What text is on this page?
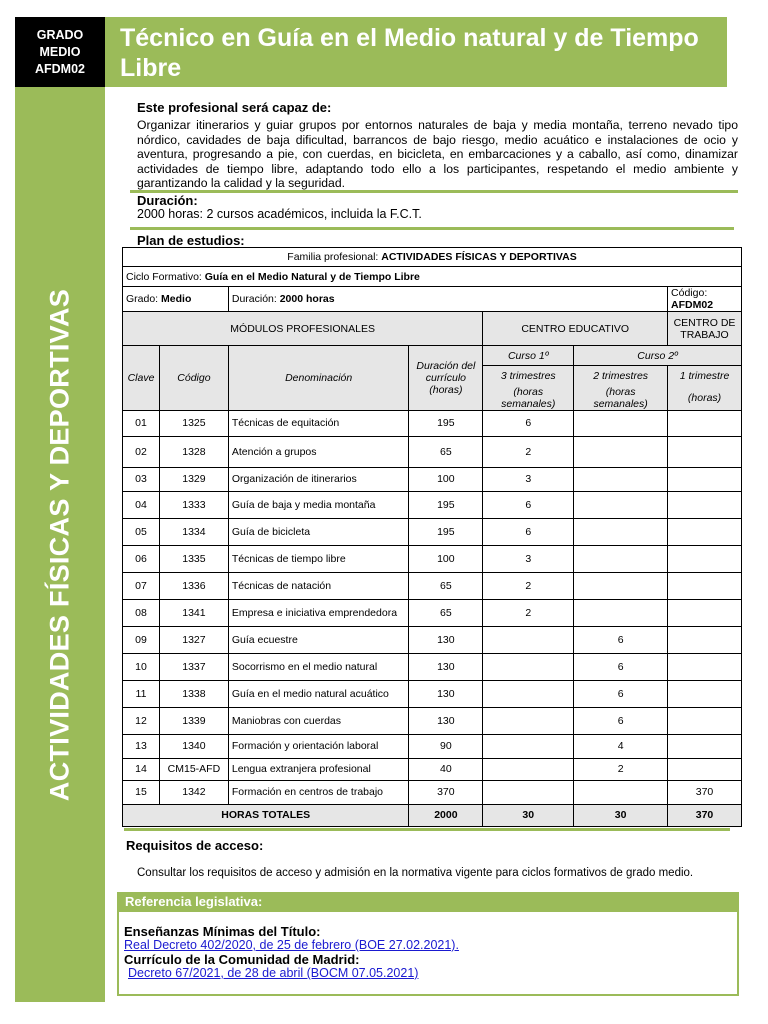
GRADO
MEDIO
AFDM02
Técnico en Guía en el Medio natural y de Tiempo Libre
ACTIVIDADES FÍSICAS Y DEPORTIVAS
Este profesional será capaz de:
Organizar itinerarios y guiar grupos por entornos naturales de baja y media montaña, terreno nevado tipo nórdico, cavidades de baja dificultad, barrancos de bajo riesgo, medio acuático e instalaciones de ocio y aventura, progresando a pie, con cuerdas, en bicicleta, en embarcaciones y a caballo, así como, dinamizar actividades de tiempo libre, adaptando todo ello a los participantes, respetando el medio ambiente y garantizando la calidad y la seguridad.
Duración:
2000 horas: 2 cursos académicos, incluida la F.C.T.
Plan de estudios:
Familia profesional: ACTIVIDADES FÍSICAS Y DEPORTIVAS						
Ciclo Formativo: Guía en el Medio Natural y de Tiempo Libre						
Grado: Medio		Duración: 2000 horas				Código: AFDM02
MÓDULOS PROFESIONALES				CENTRO EDUCATIVO		CENTRO DE TRABAJO
Clave	Código	Denominación	Duración del currículo (horas)	Curso 1º	Curso 2º	
				3 trimestres	2 trimestres	1 trimestre
				(horas semanales)	(horas semanales)	(horas)
01	1325	Técnicas de equitación	195	6		
02	1328	Atención a grupos	65	2		
03	1329	Organización de itinerarios	100	3		
04	1333	Guía de baja y media montaña	195	6		
05	1334	Guía de bicicleta	195	6		
06	1335	Técnicas de tiempo libre	100	3		
07	1336	Técnicas de natación	65	2		
08	1341	Empresa e iniciativa emprendedora	65	2		
09	1327	Guía ecuestre	130		6	
10	1337	Socorrismo en el medio natural	130		6	
11	1338	Guía en el medio natural acuático	130		6	
12	1339	Maniobras con cuerdas	130		6	
13	1340	Formación y orientación laboral	90		4	
14	CM15-AFD	Lengua extranjera profesional	40		2	
15	1342	Formación en centros de trabajo	370			370
HORAS TOTALES			2000	30	30	370
Requisitos de acceso:
Consultar los requisitos de acceso y admisión en la normativa vigente para ciclos formativos de grado medio.
Referencia legislativa:
Enseñanzas Mínimas del Título:
Real Decreto 402/2020, de 25 de febrero (BOE 27.02.2021).
Currículo de la Comunidad de Madrid:
Decreto 67/2021, de 28 de abril (BOCM 07.05.2021)
